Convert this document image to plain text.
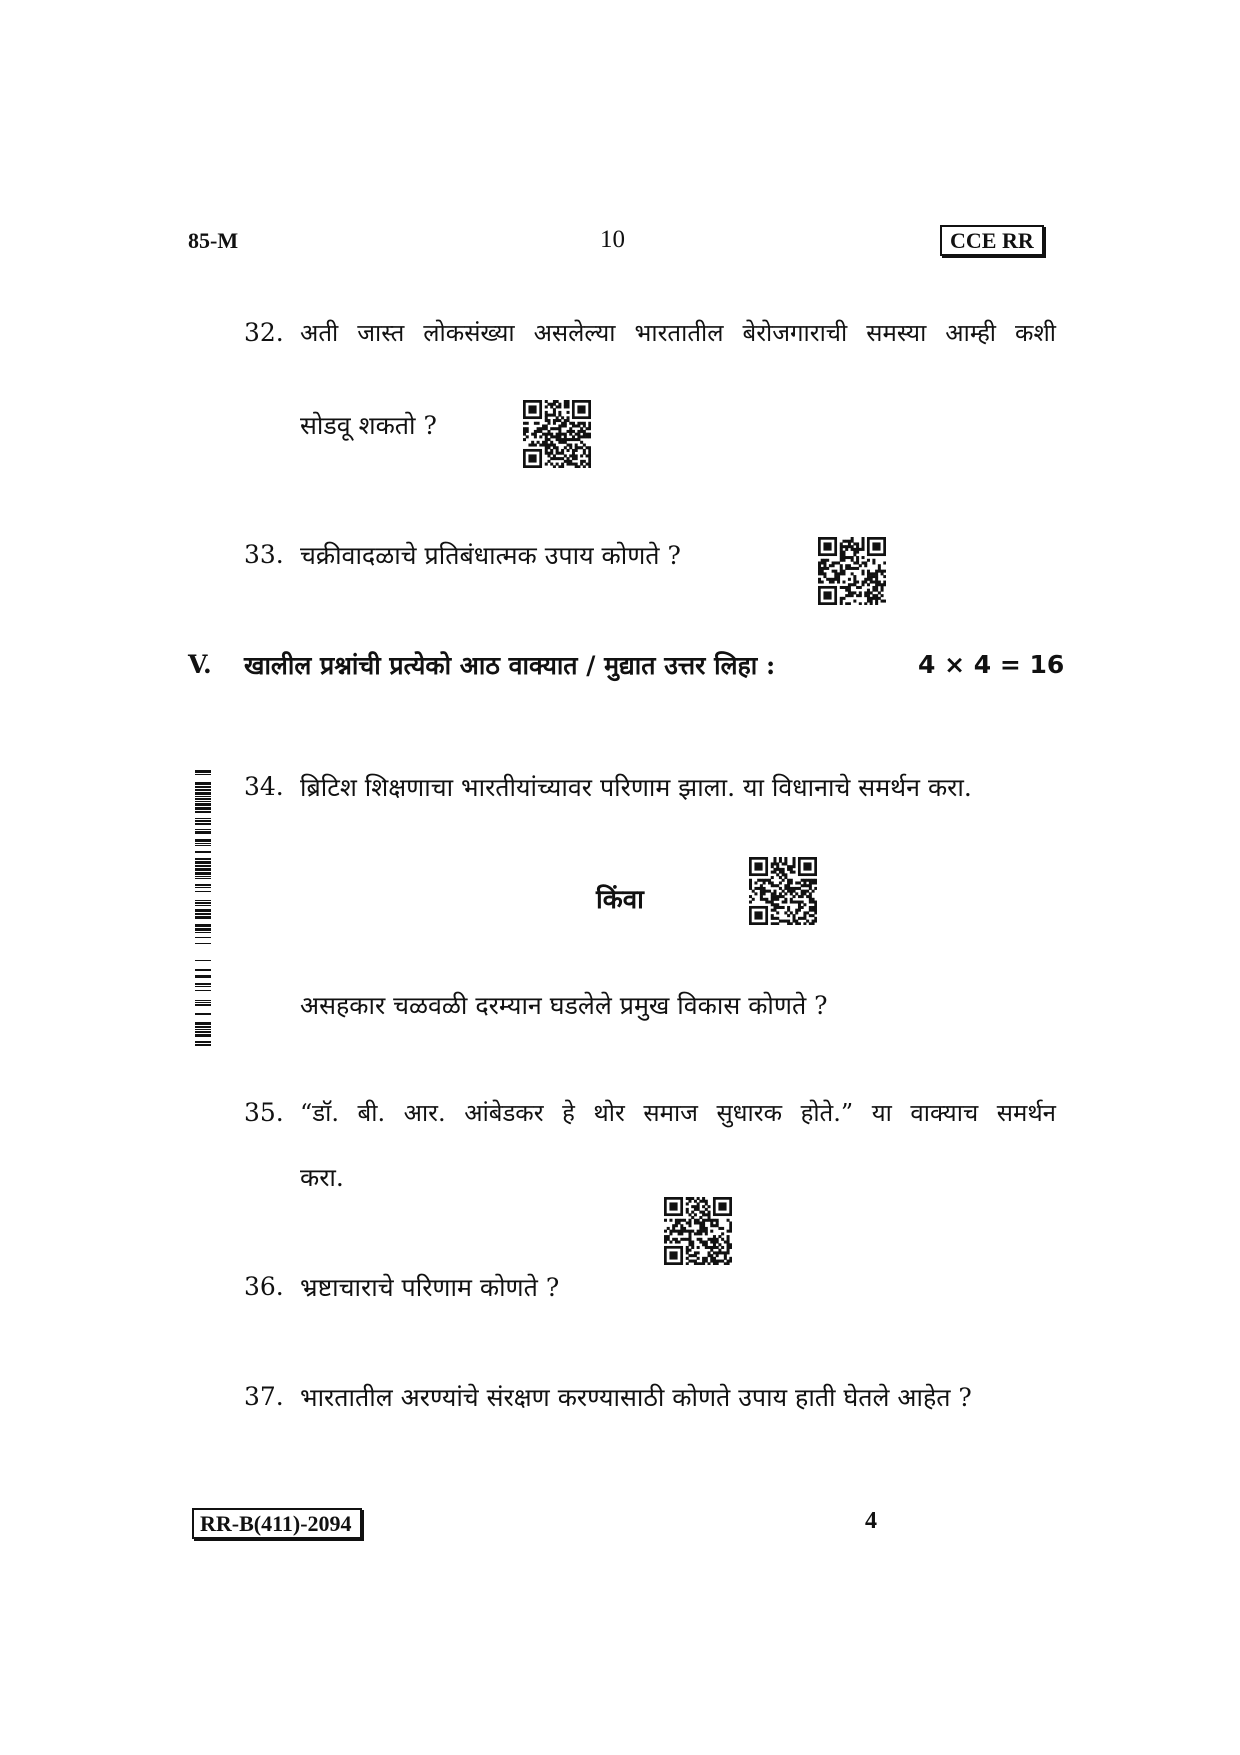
85-M	10	CCE RR
32. अती जास्त लोकसंख्या असलेल्या भारतातील बेरोजगाराची समस्या आम्ही कशी
सोडवू शकतो ?
33. चक्रीवादळाचे प्रतिबंधात्मक उपाय कोणते ?
V. खालील प्रश्नांची प्रत्येको आठ वाक्यात / मुद्यात उत्तर लिहा :	4 × 4 = 16
34. ब्रिटिश शिक्षणाचा भारतीयांच्यावर परिणाम झाला. या विधानाचे समर्थन करा.
किंवा
असहकार चळवळी दरम्यान घडलेले प्रमुख विकास कोणते ?
35. “डॉ. बी. आर. आंबेडकर हे थोर समाज सुधारक होते.” या वाक्याच समर्थन
करा.
36. भ्रष्टाचाराचे परिणाम कोणते ?
37. भारतातील अरण्यांचे संरक्षण करण्यासाठी कोणते उपाय हाती घेतले आहेत ?
RR-B(411)-2094	4
